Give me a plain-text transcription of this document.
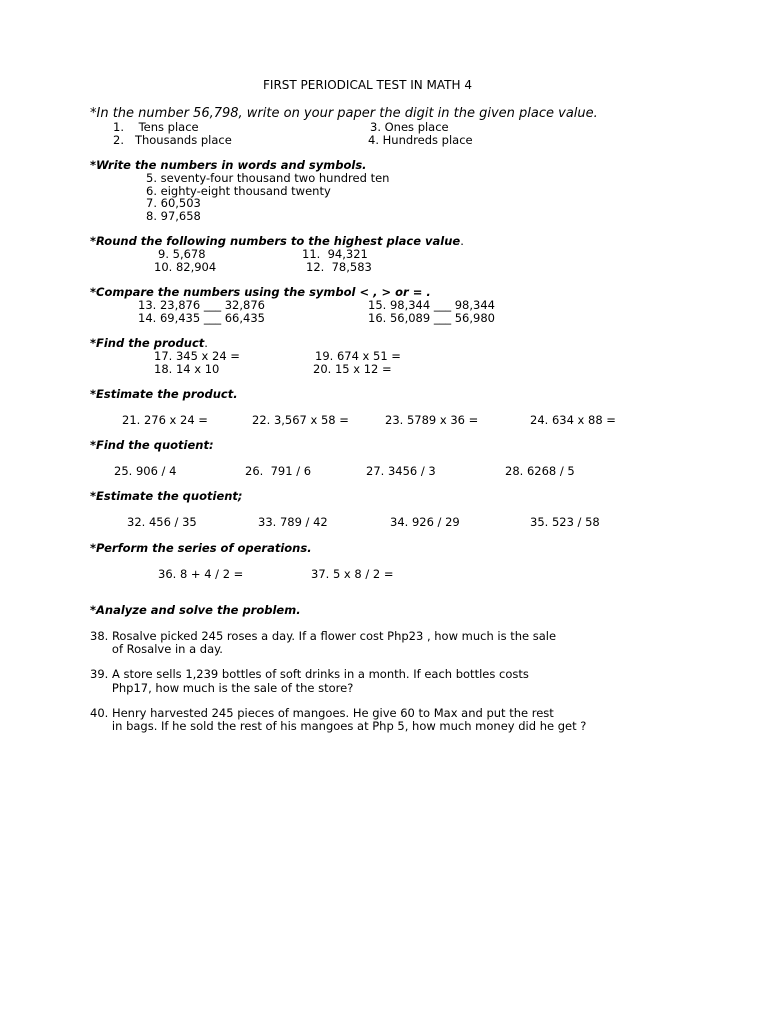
FIRST PERIODICAL TEST IN MATH 4
*In the number 56,798, write on your paper the digit in the given place value.
1.    Tens place	3. Ones place
2.   Thousands place	4. Hundreds place
*Write the numbers in words and symbols.
5. seventy-four thousand two hundred ten
6. eighty-eight thousand twenty
7. 60,503
8. 97,658
*Round the following numbers to the highest place value.
9. 5,678	11.  94,321
10. 82,904	12.  78,583
*Compare the numbers using the symbol < , > or = .
13. 23,876 ___ 32,876	15. 98,344 ___ 98,344
14. 69,435 ___ 66,435	16. 56,089 ___ 56,980
*Find the product.
17. 345 x 24 =	19. 674 x 51 =
18. 14 x 10	20. 15 x 12 =
*Estimate the product.
21. 276 x 24 =	22. 3,567 x 58 =	23. 5789 x 36 =	24. 634 x 88 =
*Find the quotient:
25. 906 / 4	26.  791 / 6	27. 3456 / 3	28. 6268 / 5
*Estimate the quotient;
32. 456 / 35	33. 789 / 42	34. 926 / 29	35. 523 / 58
*Perform the series of operations.
36. 8 + 4 / 2 =	37. 5 x 8 / 2 =
*Analyze and solve the problem.
38. Rosalve picked 245 roses a day. If a flower cost Php23 , how much is the sale
of Rosalve in a day.
39. A store sells 1,239 bottles of soft drinks in a month. If each bottles costs
Php17, how much is the sale of the store?
40. Henry harvested 245 pieces of mangoes. He give 60 to Max and put the rest
in bags. If he sold the rest of his mangoes at Php 5, how much money did he get ?
